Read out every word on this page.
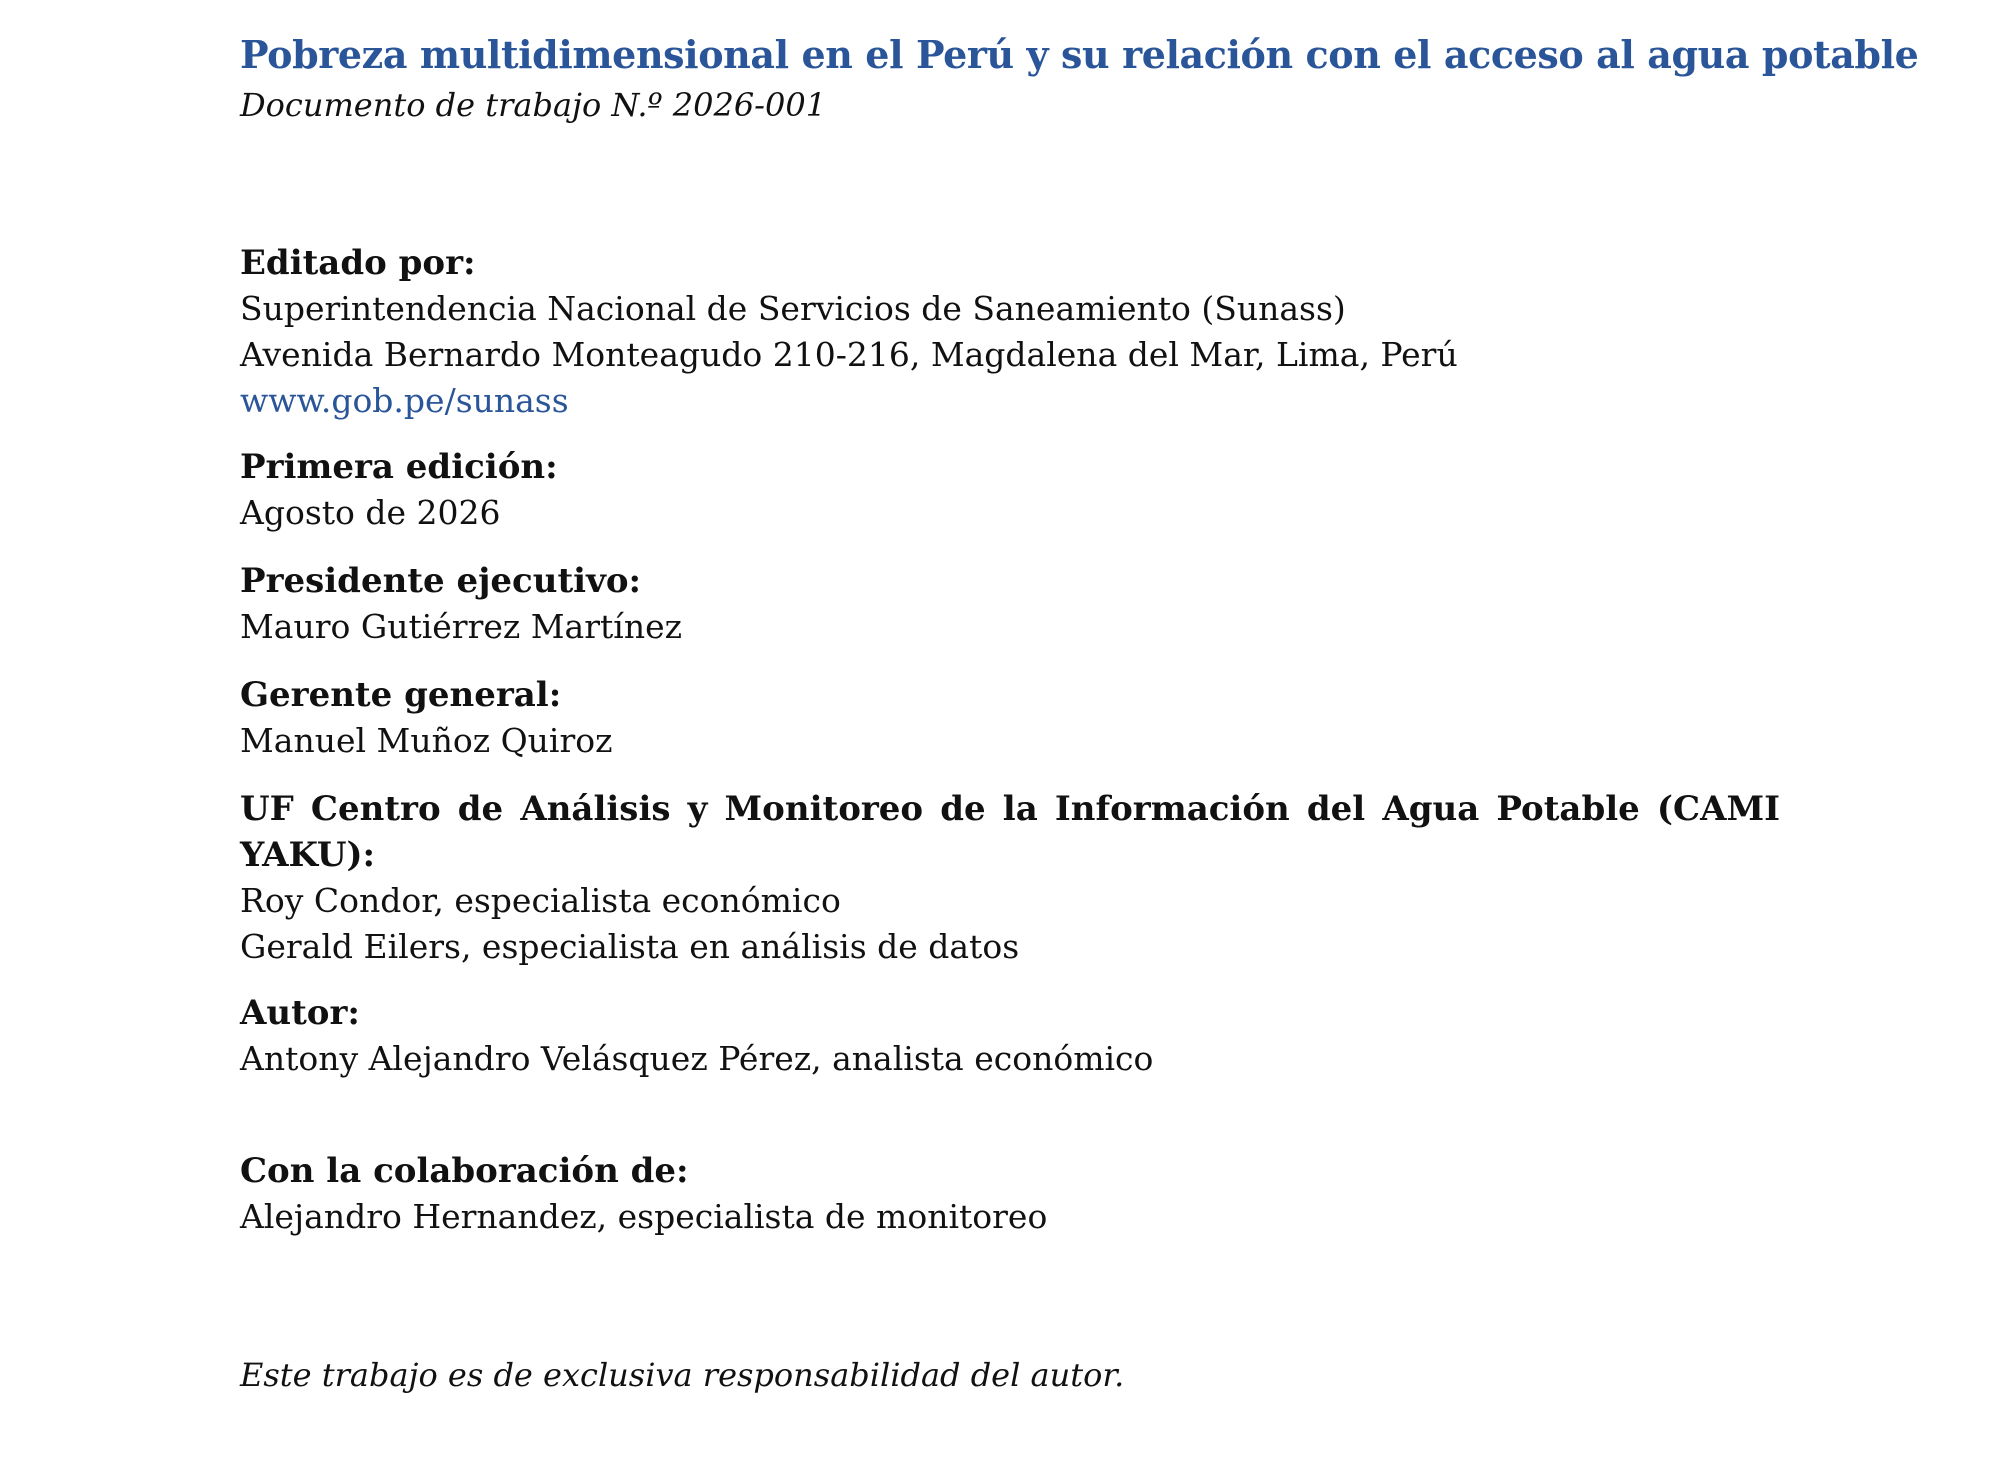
Pobreza multidimensional en el Perú y su relación con el acceso al agua potable

Documento de trabajo N.º 2026-001

Editado por:

Superintendencia Nacional de Servicios de Saneamiento (Sunass)

Avenida Bernardo Monteagudo 210-216, Magdalena del Mar, Lima, Perú

www.gob.pe/sunass

Primera edición:

Agosto de 2026

Presidente ejecutivo:

Mauro Gutiérrez Martínez

Gerente general:

Manuel Muñoz Quiroz

UF Centro de Análisis y Monitoreo de la Información del Agua Potable (CAMI YAKU):

Roy Condor, especialista económico

Gerald Eilers, especialista en análisis de datos

Autor:

Antony Alejandro Velásquez Pérez, analista económico

Con la colaboración de:

Alejandro Hernandez, especialista de monitoreo

Este trabajo es de exclusiva responsabilidad del autor.
